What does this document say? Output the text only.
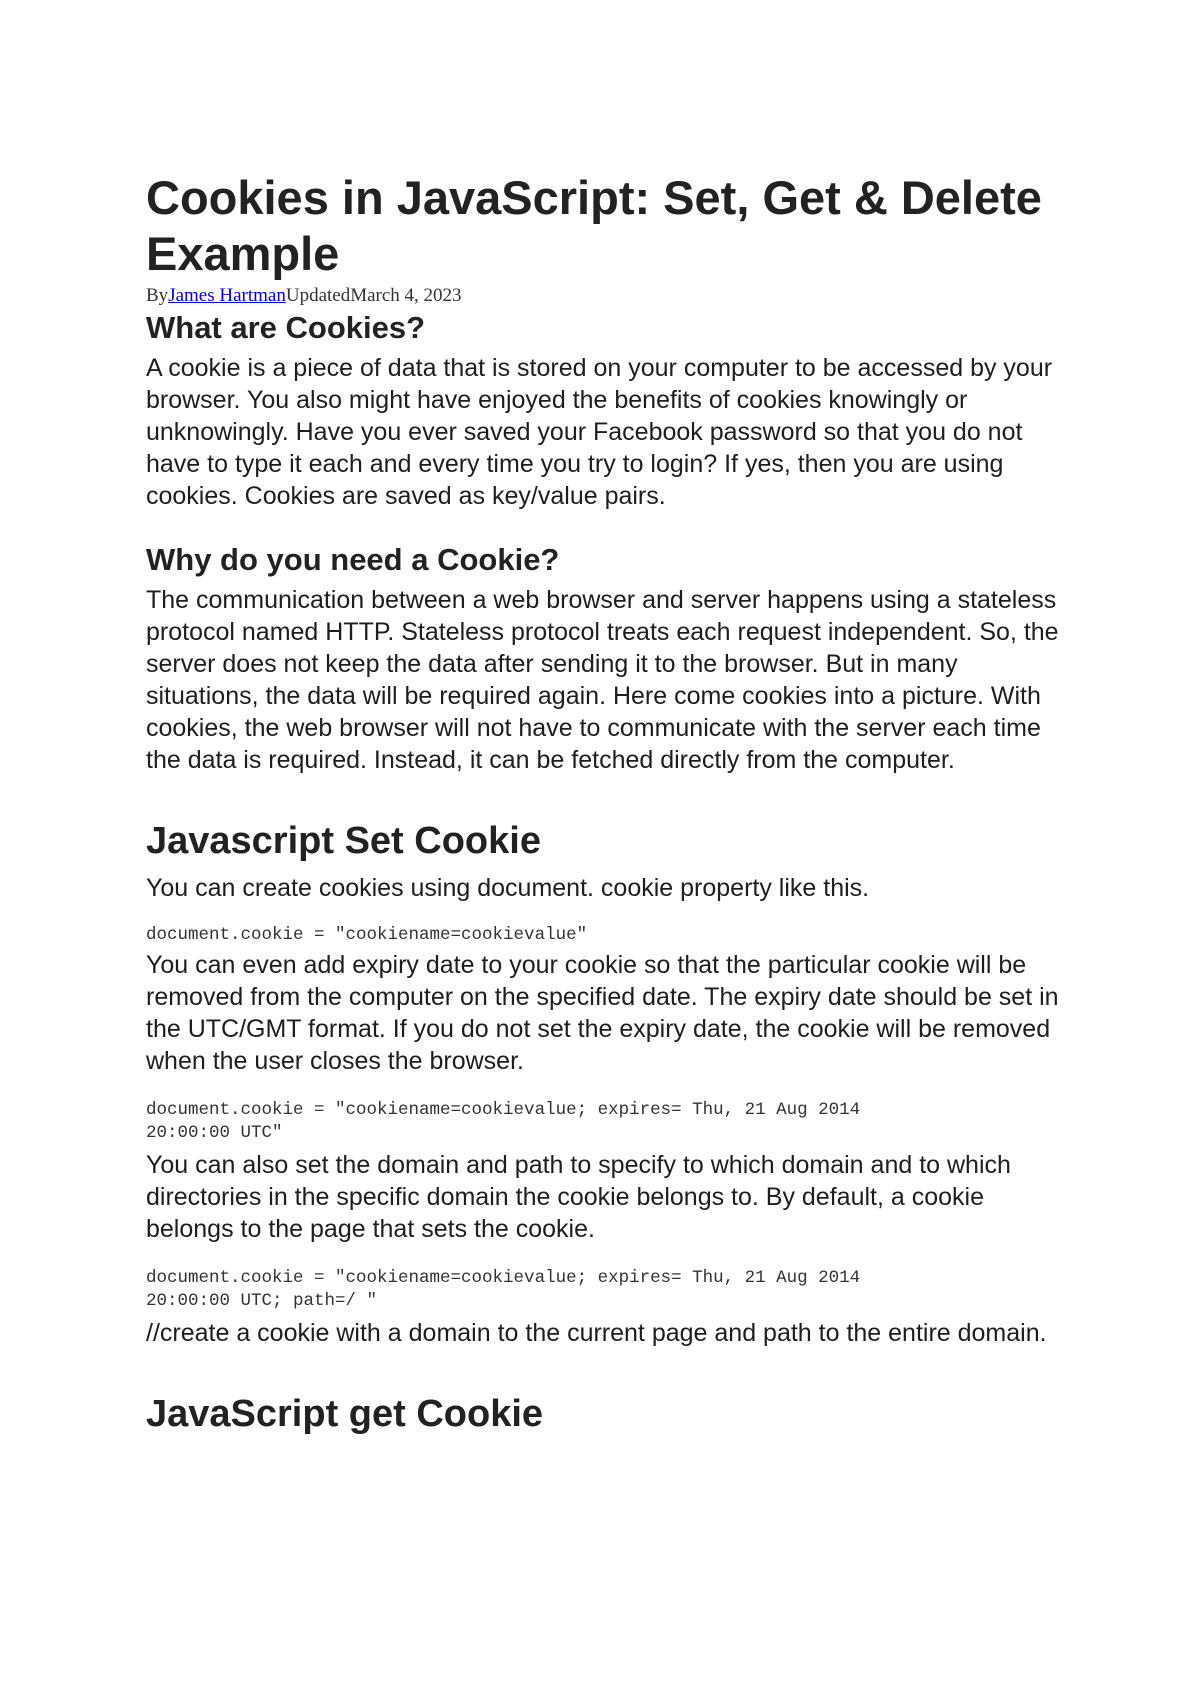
Cookies in JavaScript: Set, Get & Delete Example
ByJames HartmanUpdatedMarch 4, 2023
What are Cookies?

A cookie is a piece of data that is stored on your computer to be accessed by your browser. You also might have enjoyed the benefits of cookies knowingly or unknowingly. Have you ever saved your Facebook password so that you do not have to type it each and every time you try to login? If yes, then you are using cookies. Cookies are saved as key/value pairs.

Why do you need a Cookie?

The communication between a web browser and server happens using a stateless protocol named HTTP. Stateless protocol treats each request independent. So, the server does not keep the data after sending it to the browser. But in many situations, the data will be required again. Here come cookies into a picture. With cookies, the web browser will not have to communicate with the server each time the data is required. Instead, it can be fetched directly from the computer.

Javascript Set Cookie

You can create cookies using document. cookie property like this.

document.cookie = "cookiename=cookievalue"

You can even add expiry date to your cookie so that the particular cookie will be removed from the computer on the specified date. The expiry date should be set in the UTC/GMT format. If you do not set the expiry date, the cookie will be removed when the user closes the browser.

document.cookie = "cookiename=cookievalue; expires= Thu, 21 Aug 2014
20:00:00 UTC"

You can also set the domain and path to specify to which domain and to which directories in the specific domain the cookie belongs to. By default, a cookie belongs to the page that sets the cookie.

document.cookie = "cookiename=cookievalue; expires= Thu, 21 Aug 2014
20:00:00 UTC; path=/ "

//create a cookie with a domain to the current page and path to the entire domain.

JavaScript get Cookie
